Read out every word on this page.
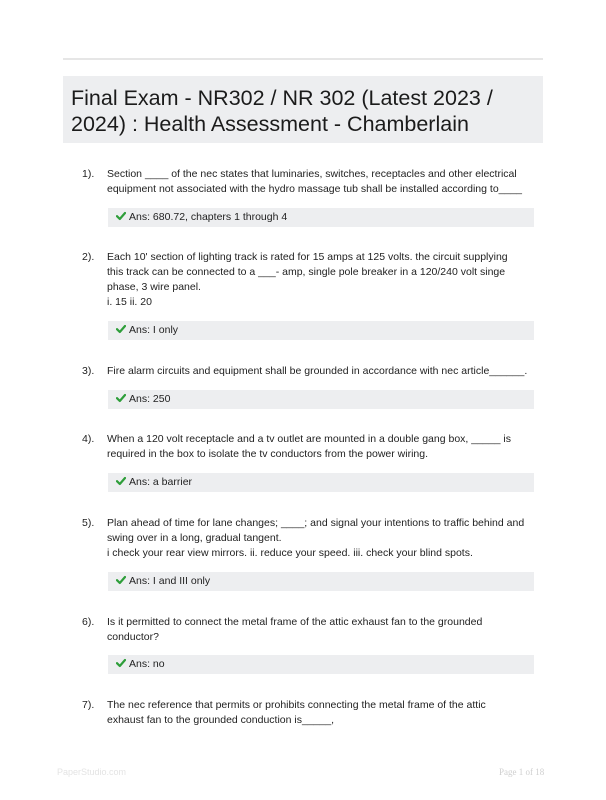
Final Exam - NR302 / NR 302 (Latest 2023 /
2024) : Health Assessment - Chamberlain
1). Section ____ of the nec states that luminaries, switches, receptacles and other electrical
equipment not associated with the hydro massage tub shall be installed according to____
Ans: 680.72, chapters 1 through 4
2). Each 10' section of lighting track is rated for 15 amps at 125 volts. the circuit supplying
this track can be connected to a ___- amp, single pole breaker in a 120/240 volt singe
phase, 3 wire panel.
i. 15 ii. 20
Ans: I only
3). Fire alarm circuits and equipment shall be grounded in accordance with nec article______.
Ans: 250
4). When a 120 volt receptacle and a tv outlet are mounted in a double gang box, _____ is
required in the box to isolate the tv conductors from the power wiring.
Ans: a barrier
5). Plan ahead of time for lane changes; ____; and signal your intentions to traffic behind and
swing over in a long, gradual tangent.
i check your rear view mirrors. ii. reduce your speed. iii. check your blind spots.
Ans: I and III only
6). Is it permitted to connect the metal frame of the attic exhaust fan to the grounded
conductor?
Ans: no
7). The nec reference that permits or prohibits connecting the metal frame of the attic
exhaust fan to the grounded conduction is_____,
PaperStudio.com	Page 1 of 18
